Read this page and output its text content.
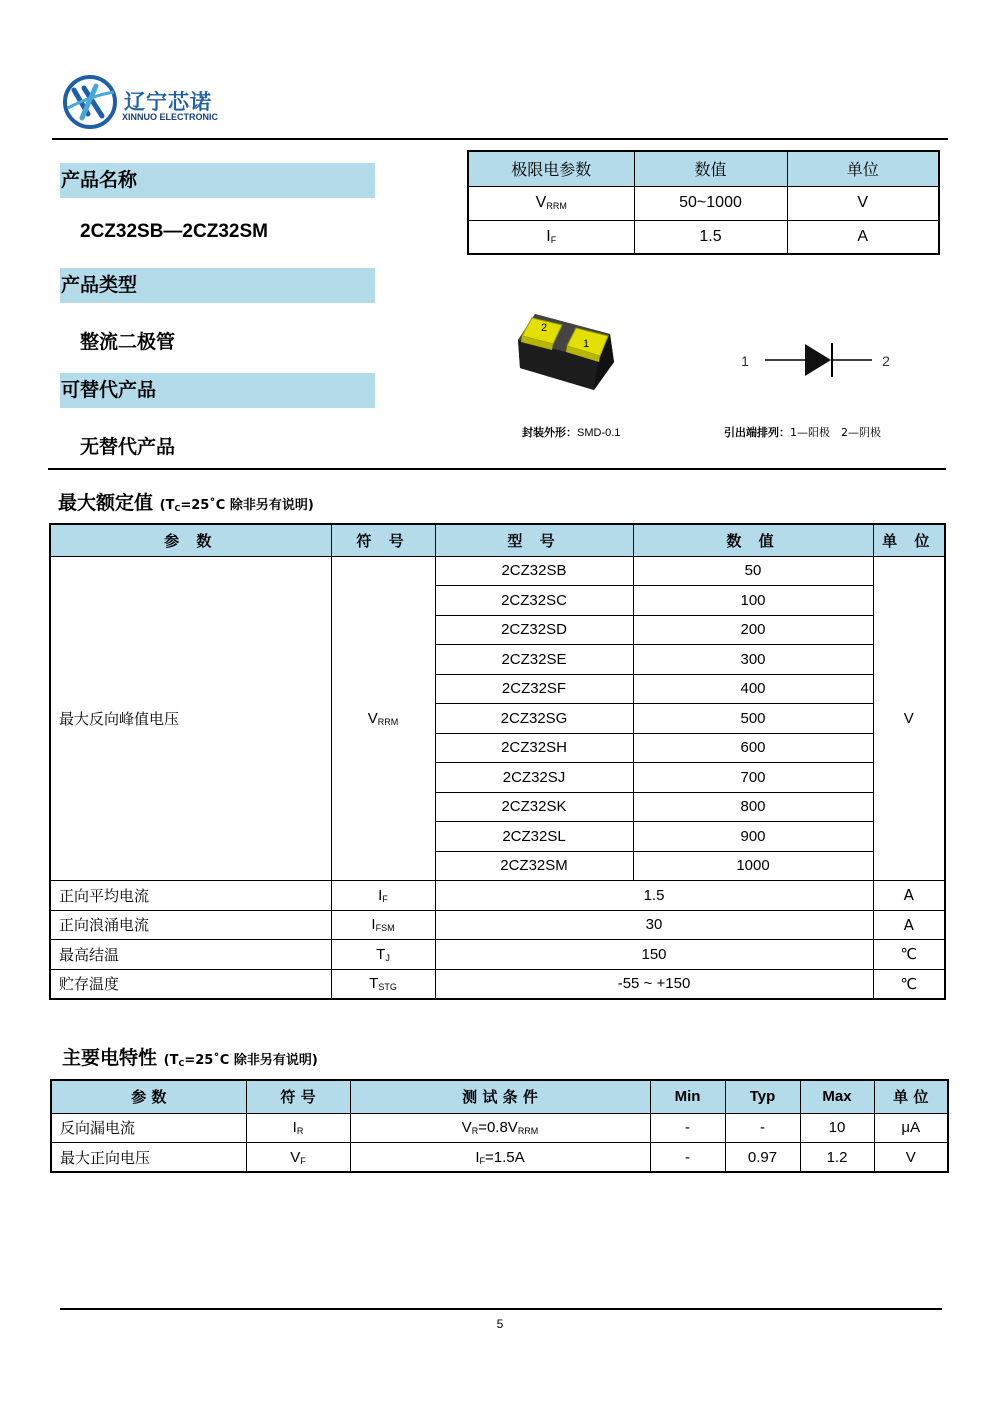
辽宁芯诺
XINNUO ELECTRONIC
产品名称
2CZ32SB—2CZ32SM
产品类型
整流二极管
可替代产品
无替代产品
极限电参数	数值	单位
$V_{RRM}$	50~1000	V
$I_F$	1.5	A
2
1
1	2
封装外形：SMD-0.1	引出端排列：1—阳极　2—阴极
最大额定值 ($T_C=25˚C$ 除非另有说明)
参 数	符 号	型 号	数 值	单 位
最大反向峰值电压	$V_{RRM}$	2CZ32SB	50	V
		2CZ32SC	100	
		2CZ32SD	200	
		2CZ32SE	300	
		2CZ32SF	400	
		2CZ32SG	500	
		2CZ32SH	600	
		2CZ32SJ	700	
		2CZ32SK	800	
		2CZ32SL	900	
		2CZ32SM	1000	
正向平均电流	$I_F$	1.5		A
正向浪涌电流	$I_{FSM}$	30		A
最高结温	$T_J$	150		℃
贮存温度	$T_{STG}$	-55 ~ +150		℃
主要电特性 ($T_C=25˚C$ 除非另有说明)
参 数	符 号	测 试 条 件	Min	Typ	Max	单 位
反向漏电流	$I_R$	$V_R=0.8V_{RRM}$	-	-	10	μA
最大正向电压	$V_F$	$I_F=1.5A$	-	0.97	1.2	V
5
